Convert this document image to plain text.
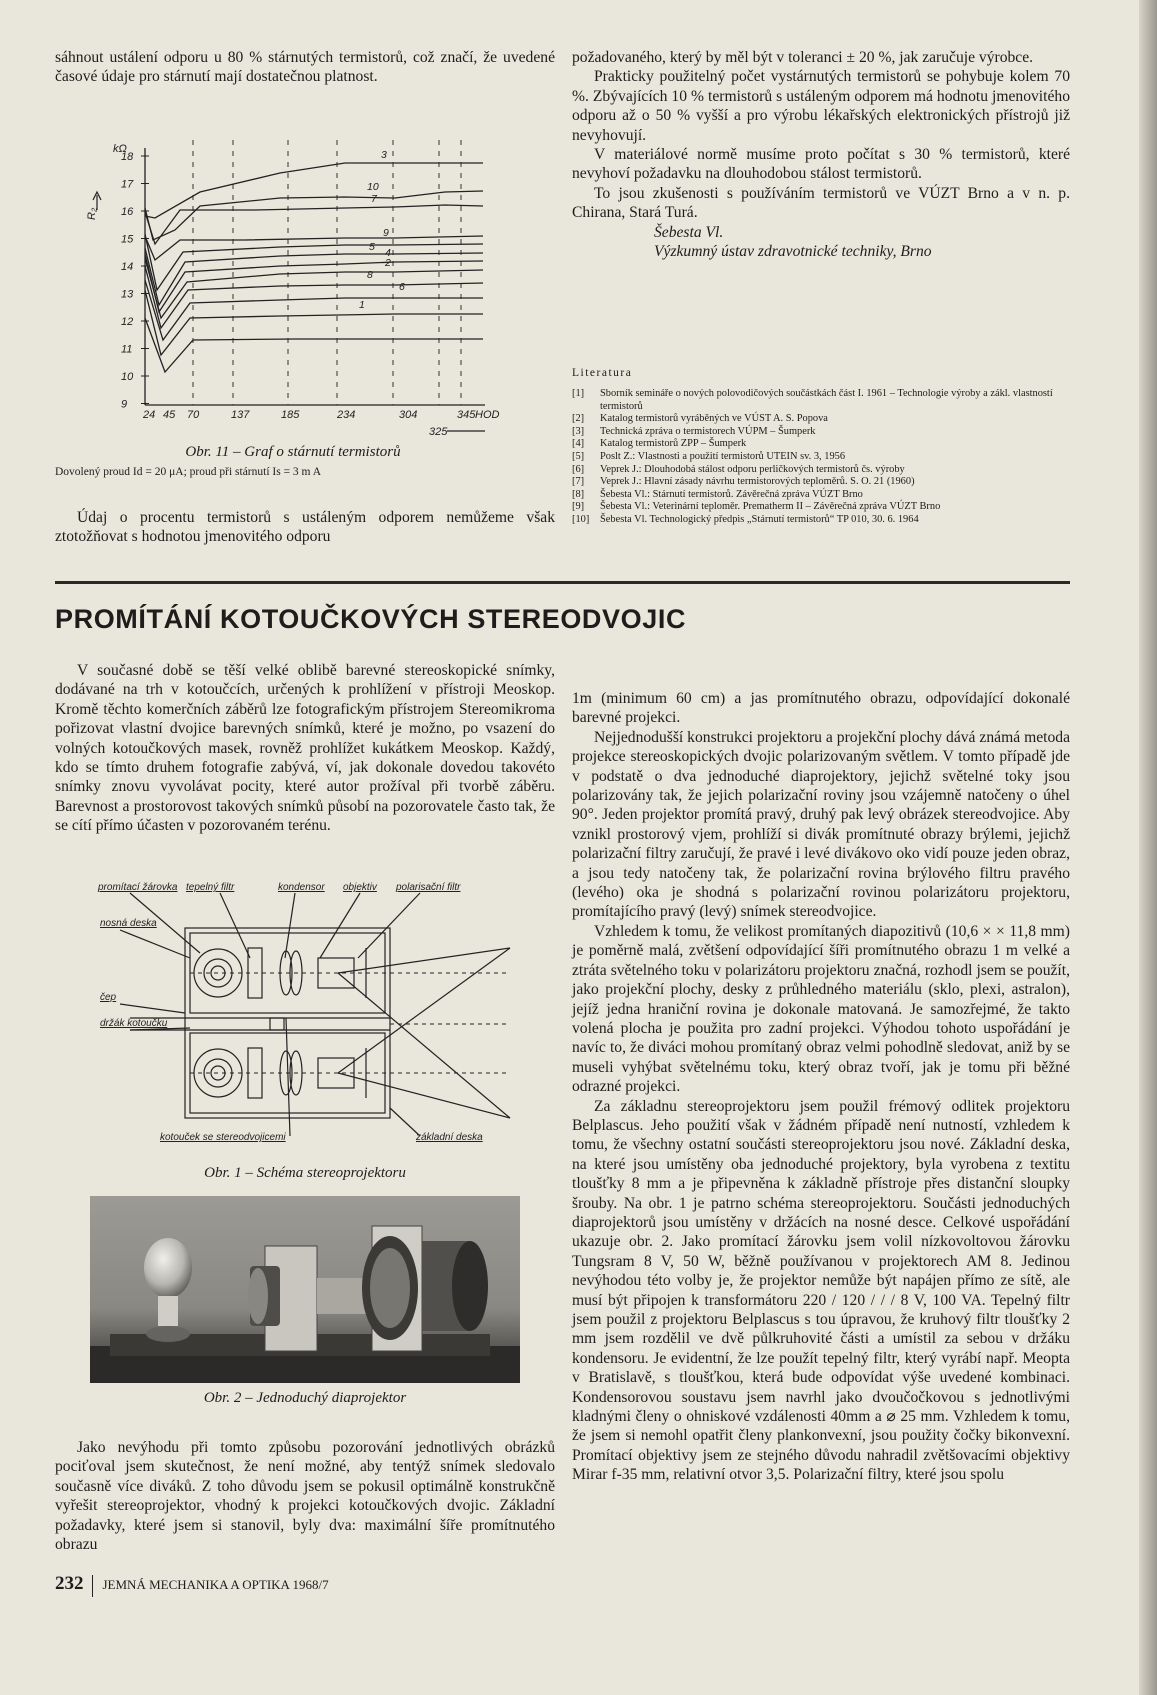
sáhnout ustálení odporu u 80 % stárnutých termistorů, což značí, že uvedené časové údaje pro stárnutí mají dostatečnou platnost.

kΩ
R₂
18
17
16
15
14
13
12
11
10
9
3
10
7
9
5 4
2
8
6
1
24 45 70	137	185	234	304	345 HOD
325
Obr. 11 – Graf o stárnutí termistorů
Dovolený proud Id = 20 μA; proud při stárnutí Is = 3 m A

Údaj o procentu termistorů s ustáleným odporem nemůžeme však ztotožňovat s hodnotou jmenovitého odporu

požadovaného, který by měl být v toleranci ± 20 %, jak zaručuje výrobce.

Prakticky použitelný počet vystárnutých termistorů se pohybuje kolem 70 %. Zbývajících 10 % termistorů s ustáleným odporem má hodnotu jmenovitého odporu až o 50 % vyšší a pro výrobu lékařských elektronických přístrojů již nevyhovují.

V materiálové normě musíme proto počítat s 30 % termistorů, které nevyhoví požadavku na dlouhodobou stálost termistorů.

To jsou zkušenosti s používáním termistorů ve VÚZT Brno a v n. p. Chirana, Stará Turá.

Šebesta Vl.

Výzkumný ústav zdravotnické techniky, Brno

Literatura
[1]	Sborník semináře o nových polovodičových součástkách část I. 1961 – Technologie výroby a zákl. vlastností termistorů
[2]	Katalog termistorů vyráběných ve VÚST A. S. Popova
[3]	Technická zpráva o termistorech VÚPM – Šumperk
[4]	Katalog termistorů ZPP – Šumperk
[5]	Poslt Z.: Vlastnosti a použití termistorů UTEIN sv. 3, 1956
[6]	Veprek J.: Dlouhodobá stálost odporu perličkových termistorů čs. výroby
[7]	Veprek J.: Hlavní zásady návrhu termistorových teploměrů. S. O. 21 (1960)
[8]	Šebesta Vl.: Stárnutí termistorů. Závěrečná zpráva VÚZT Brno
[9]	Šebesta Vl.: Veterinární teploměr. Prematherm II – Závěrečná zpráva VÚZT Brno
[10]	Šebesta Vl. Technologický předpis „Stárnutí termistorů“ TP 010, 30. 6. 1964
PROMÍTÁNÍ KOTOUČKOVÝCH STEREODVOJIC

V současné době se těší velké oblibě barevné stereoskopické snímky, dodávané na trh v kotoučcích, určených k prohlížení v přístroji Meoskop. Kromě těchto komerčních záběrů lze fotografickým přístrojem Stereomikroma pořizovat vlastní dvojice barevných snímků, které je možno, po vsazení do volných kotoučkových masek, rovněž prohlížet kukátkem Meoskop. Každý, kdo se tímto druhem fotografie zabývá, ví, jak dokonale dovedou takovéto snímky znovu vyvolávat pocity, které autor prožíval při tvorbě záběru. Barevnost a prostorovost takových snímků působí na pozorovatele často tak, že se cítí přímo účasten v pozorovaném terénu.

promítací žárovka tepelný filtr	kondensor objektiv polarisační filtr
nosná deska
čep
držák kotoučku
kotouček se stereodvojicemi	základní deska
Obr. 1 – Schéma stereoprojektoru
Obr. 2 – Jednoduchý diaprojektor

Jako nevýhodu při tomto způsobu pozorování jednotlivých obrázků pociťoval jsem skutečnost, že není možné, aby tentýž snímek sledovalo současně více diváků. Z toho důvodu jsem se pokusil optimálně konstrukčně vyřešit stereoprojektor, vhodný k projekci kotoučkových dvojic. Základní požadavky, které jsem si stanovil, byly dva: maximální šíře promítnutého obrazu

1m (minimum 60 cm) a jas promítnutého obrazu, odpovídající dokonalé barevné projekci.

Nejjednodušší konstrukci projektoru a projekční plochy dává známá metoda projekce stereoskopických dvojic polarizovaným světlem. V tomto případě jde v podstatě o dva jednoduché diaprojektory, jejichž světelné toky jsou polarizovány tak, že jejich polarizační roviny jsou vzájemně natočeny o úhel 90°. Jeden projektor promítá pravý, druhý pak levý obrázek stereodvojice. Aby vznikl prostorový vjem, prohlíží si divák promítnuté obrazy brýlemi, jejichž polarizační filtry zaručují, že pravé i levé divákovo oko vidí pouze jeden obraz, a jsou tedy natočeny tak, že polarizační rovina brýlového filtru pravého (levého) oka je shodná s polarizační rovinou polarizátoru projektoru, promítajícího pravý (levý) snímek stereodvojice.

Vzhledem k tomu, že velikost promítaných diapozitivů (10,6 × × 11,8 mm) je poměrně malá, zvětšení odpovídající šíři promítnutého obrazu 1 m velké a ztráta světelného toku v polarizátoru projektoru značná, rozhodl jsem se použít, jako projekční plochy, desky z průhledného materiálu (sklo, plexi, astralon), jejíž jedna hraniční rovina je dokonale matovaná. Je samozřejmé, že takto volená plocha je použita pro zadní projekci. Výhodou tohoto uspořádání je navíc to, že diváci mohou promítaný obraz velmi pohodlně sledovat, aniž by se museli vyhýbat světelnému toku, který obraz tvoří, jak je tomu při běžné odrazné projekci.

Za základnu stereoprojektoru jsem použil frémový odlitek projektoru Belplascus. Jeho použití však v žádném případě není nutností, vzhledem k tomu, že všechny ostatní součásti stereoprojektoru jsou nové. Základní deska, na které jsou umístěny oba jednoduché projektory, byla vyrobena z textitu tloušťky 8 mm a je připevněna k základně přístroje přes distanční sloupky šrouby. Na obr. 1 je patrno schéma stereoprojektoru. Součásti jednoduchých diaprojektorů jsou umístěny v držácích na nosné desce. Celkové uspořádání ukazuje obr. 2. Jako promítací žárovku jsem volil nízkovoltovou žárovku Tungsram 8 V, 50 W, běžně používanou v projektorech AM 8. Jedinou nevýhodou této volby je, že projektor nemůže být napájen přímo ze sítě, ale musí být připojen k transformátoru 220 / 120 / / / 8 V, 100 VA. Tepelný filtr jsem použil z projektoru Belplascus s tou úpravou, že kruhový filtr tloušťky 2 mm jsem rozdělil ve dvě půlkruhovité části a umístil za sebou v držáku kondensoru. Je evidentní, že lze použít tepelný filtr, který vyrábí např. Meopta v Bratislavě, s tloušťkou, která bude odpovídat výše uvedené kombinaci. Kondensorovou soustavu jsem navrhl jako dvoučočkovou s jednotlivými kladnými členy o ohniskové vzdálenosti 40mm a ⌀ 25 mm. Vzhledem k tomu, že jsem si nemohl opatřit členy plankonvexní, jsou použity čočky bikonvexní. Promítací objektivy jsem ze stejného důvodu nahradil zvětšovacími objektivy Mirar f-35 mm, relativní otvor 3,5. Polarizační filtry, které jsou spolu

232 JEMNÁ MECHANIKA A OPTIKA 1968/7
